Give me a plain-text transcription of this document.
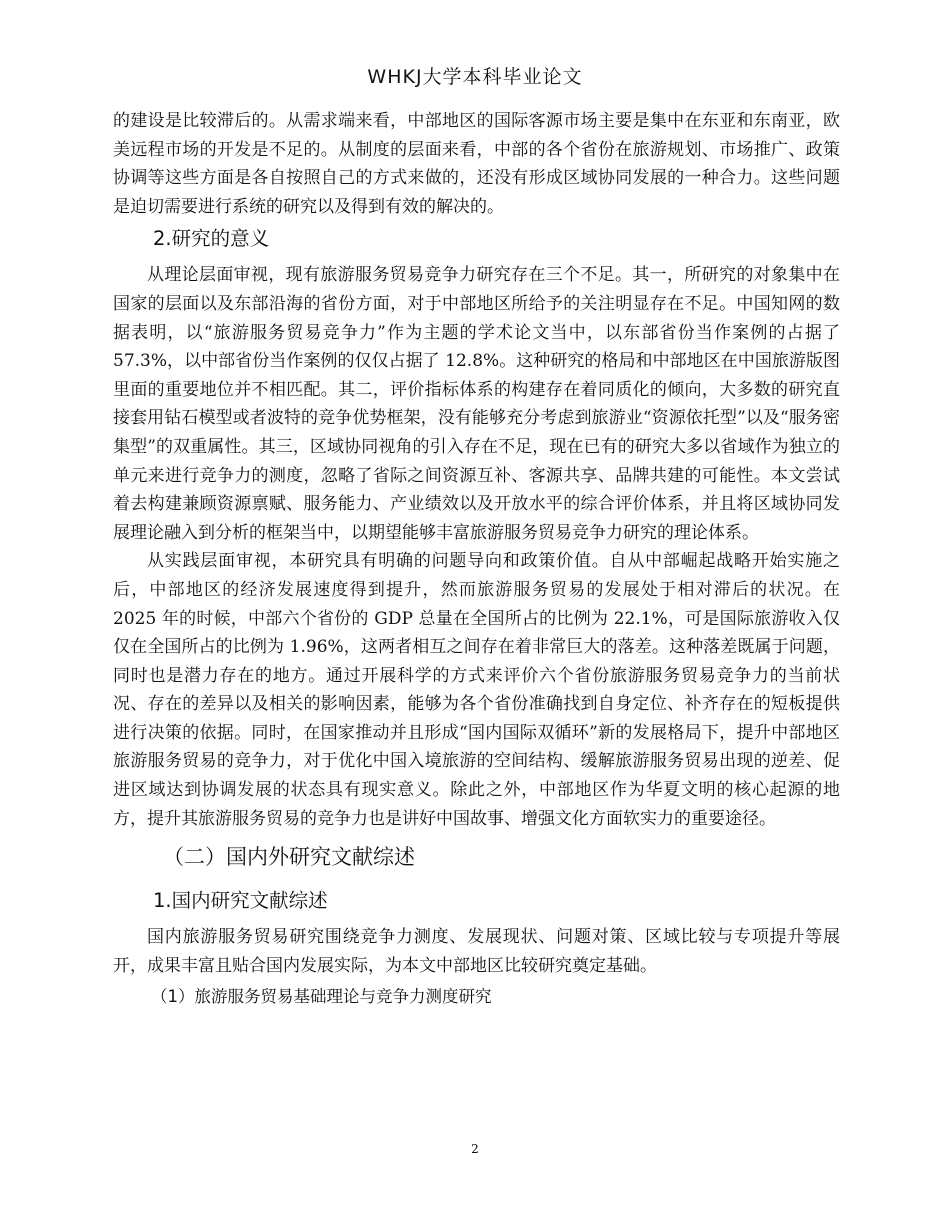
WHKJ大学本科毕业论文

的建设是比较滞后的。从需求端来看，中部地区的国际客源市场主要是集中在东亚和东南亚，欧美远程市场的开发是不足的。从制度的层面来看，中部的各个省份在旅游规划、市场推广、政策协调等这些方面是各自按照自己的方式来做的，还没有形成区域协同发展的一种合力。这些问题是迫切需要进行系统的研究以及得到有效的解决的。

2.研究的意义

从理论层面审视，现有旅游服务贸易竞争力研究存在三个不足。其一，所研究的对象集中在国家的层面以及东部沿海的省份方面，对于中部地区所给予的关注明显存在不足。中国知网的数据表明，以“旅游服务贸易竞争力”作为主题的学术论文当中，以东部省份当作案例的占据了 57.3%，以中部省份当作案例的仅仅占据了 12.8%。这种研究的格局和中部地区在中国旅游版图里面的重要地位并不相匹配。其二，评价指标体系的构建存在着同质化的倾向，大多数的研究直接套用钻石模型或者波特的竞争优势框架，没有能够充分考虑到旅游业“资源依托型”以及“服务密集型”的双重属性。其三，区域协同视角的引入存在不足，现在已有的研究大多以省域作为独立的单元来进行竞争力的测度，忽略了省际之间资源互补、客源共享、品牌共建的可能性。本文尝试着去构建兼顾资源禀赋、服务能力、产业绩效以及开放水平的综合评价体系，并且将区域协同发展理论融入到分析的框架当中，以期望能够丰富旅游服务贸易竞争力研究的理论体系。

从实践层面审视，本研究具有明确的问题导向和政策价值。自从中部崛起战略开始实施之后，中部地区的经济发展速度得到提升，然而旅游服务贸易的发展处于相对滞后的状况。在 2025 年的时候，中部六个省份的 GDP 总量在全国所占的比例为 22.1%，可是国际旅游收入仅仅在全国所占的比例为 1.96%，这两者相互之间存在着非常巨大的落差。这种落差既属于问题，同时也是潜力存在的地方。通过开展科学的方式来评价六个省份旅游服务贸易竞争力的当前状况、存在的差异以及相关的影响因素，能够为各个省份准确找到自身定位、补齐存在的短板提供进行决策的依据。同时，在国家推动并且形成“国内国际双循环”新的发展格局下，提升中部地区旅游服务贸易的竞争力，对于优化中国入境旅游的空间结构、缓解旅游服务贸易出现的逆差、促进区域达到协调发展的状态具有现实意义。除此之外，中部地区作为华夏文明的核心起源的地方，提升其旅游服务贸易的竞争力也是讲好中国故事、增强文化方面软实力的重要途径。

（二）国内外研究文献综述
1.国内研究文献综述

国内旅游服务贸易研究围绕竞争力测度、发展现状、问题对策、区域比较与专项提升等展开，成果丰富且贴合国内发展实际，为本文中部地区比较研究奠定基础。

（1）旅游服务贸易基础理论与竞争力测度研究
2
